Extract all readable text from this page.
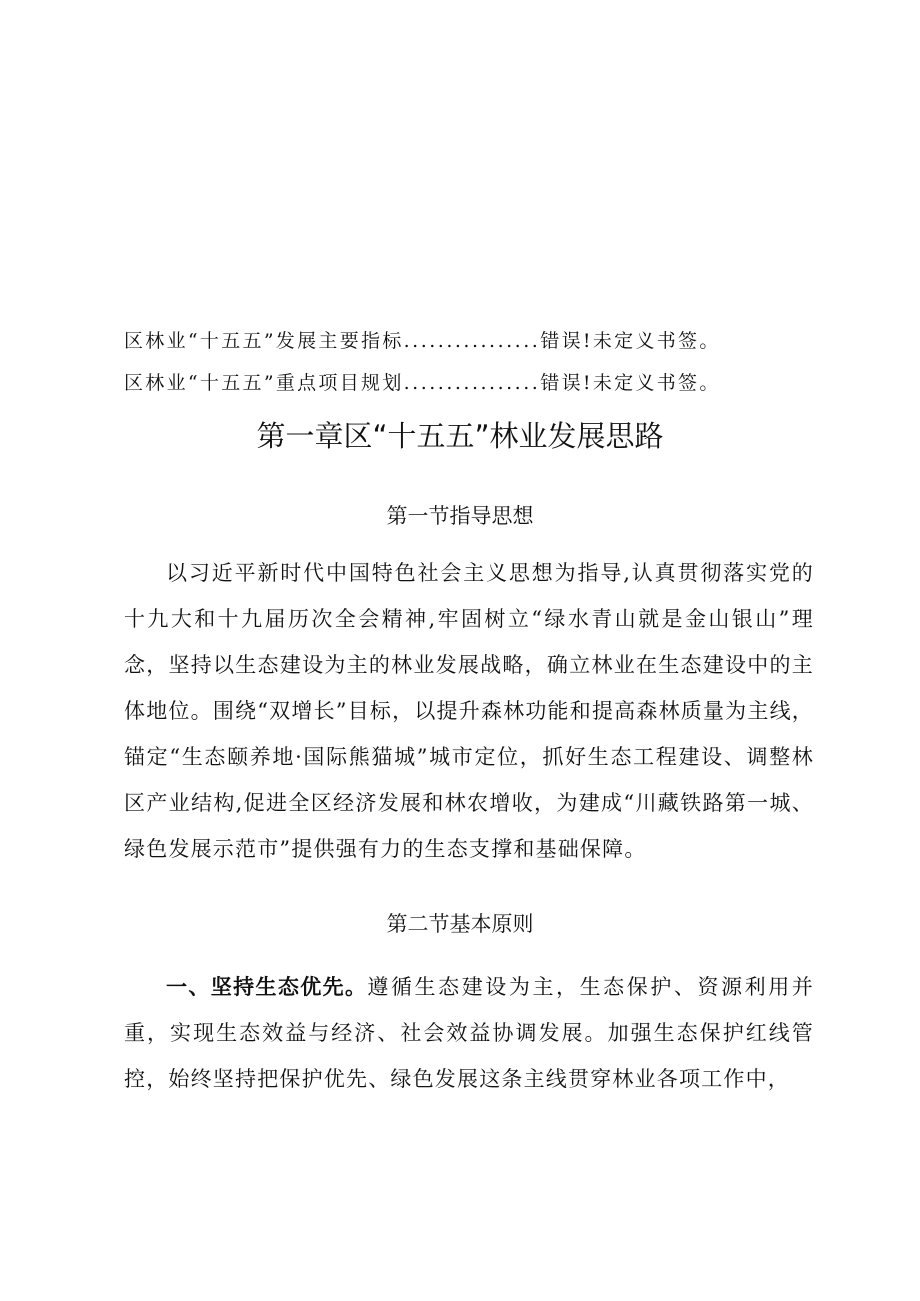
区林业“十五五”发展主要指标................错误!未定义书签。
区林业“十五五”重点项目规划................错误!未定义书签。
第一章区“十五五”林业发展思路
第一节指导思想

以习近平新时代中国特色社会主义思想为指导,认真贯彻落实党的十九大和十九届历次全会精神,牢固树立“绿水青山就是金山银山”理念，坚持以生态建设为主的林业发展战略，确立林业在生态建设中的主体地位。围绕“双增长”目标，以提升森林功能和提高森林质量为主线，锚定“生态颐养地·国际熊猫城”城市定位，抓好生态工程建设、调整林区产业结构,促进全区经济发展和林农增收，为建成“川藏铁路第一城、绿色发展示范市”提供强有力的生态支撑和基础保障。

第二节基本原则

一、坚持生态优先。遵循生态建设为主，生态保护、资源利用并重，实现生态效益与经济、社会效益协调发展。加强生态保护红线管控，始终坚持把保护优先、绿色发展这条主线贯穿林业各项工作中，
